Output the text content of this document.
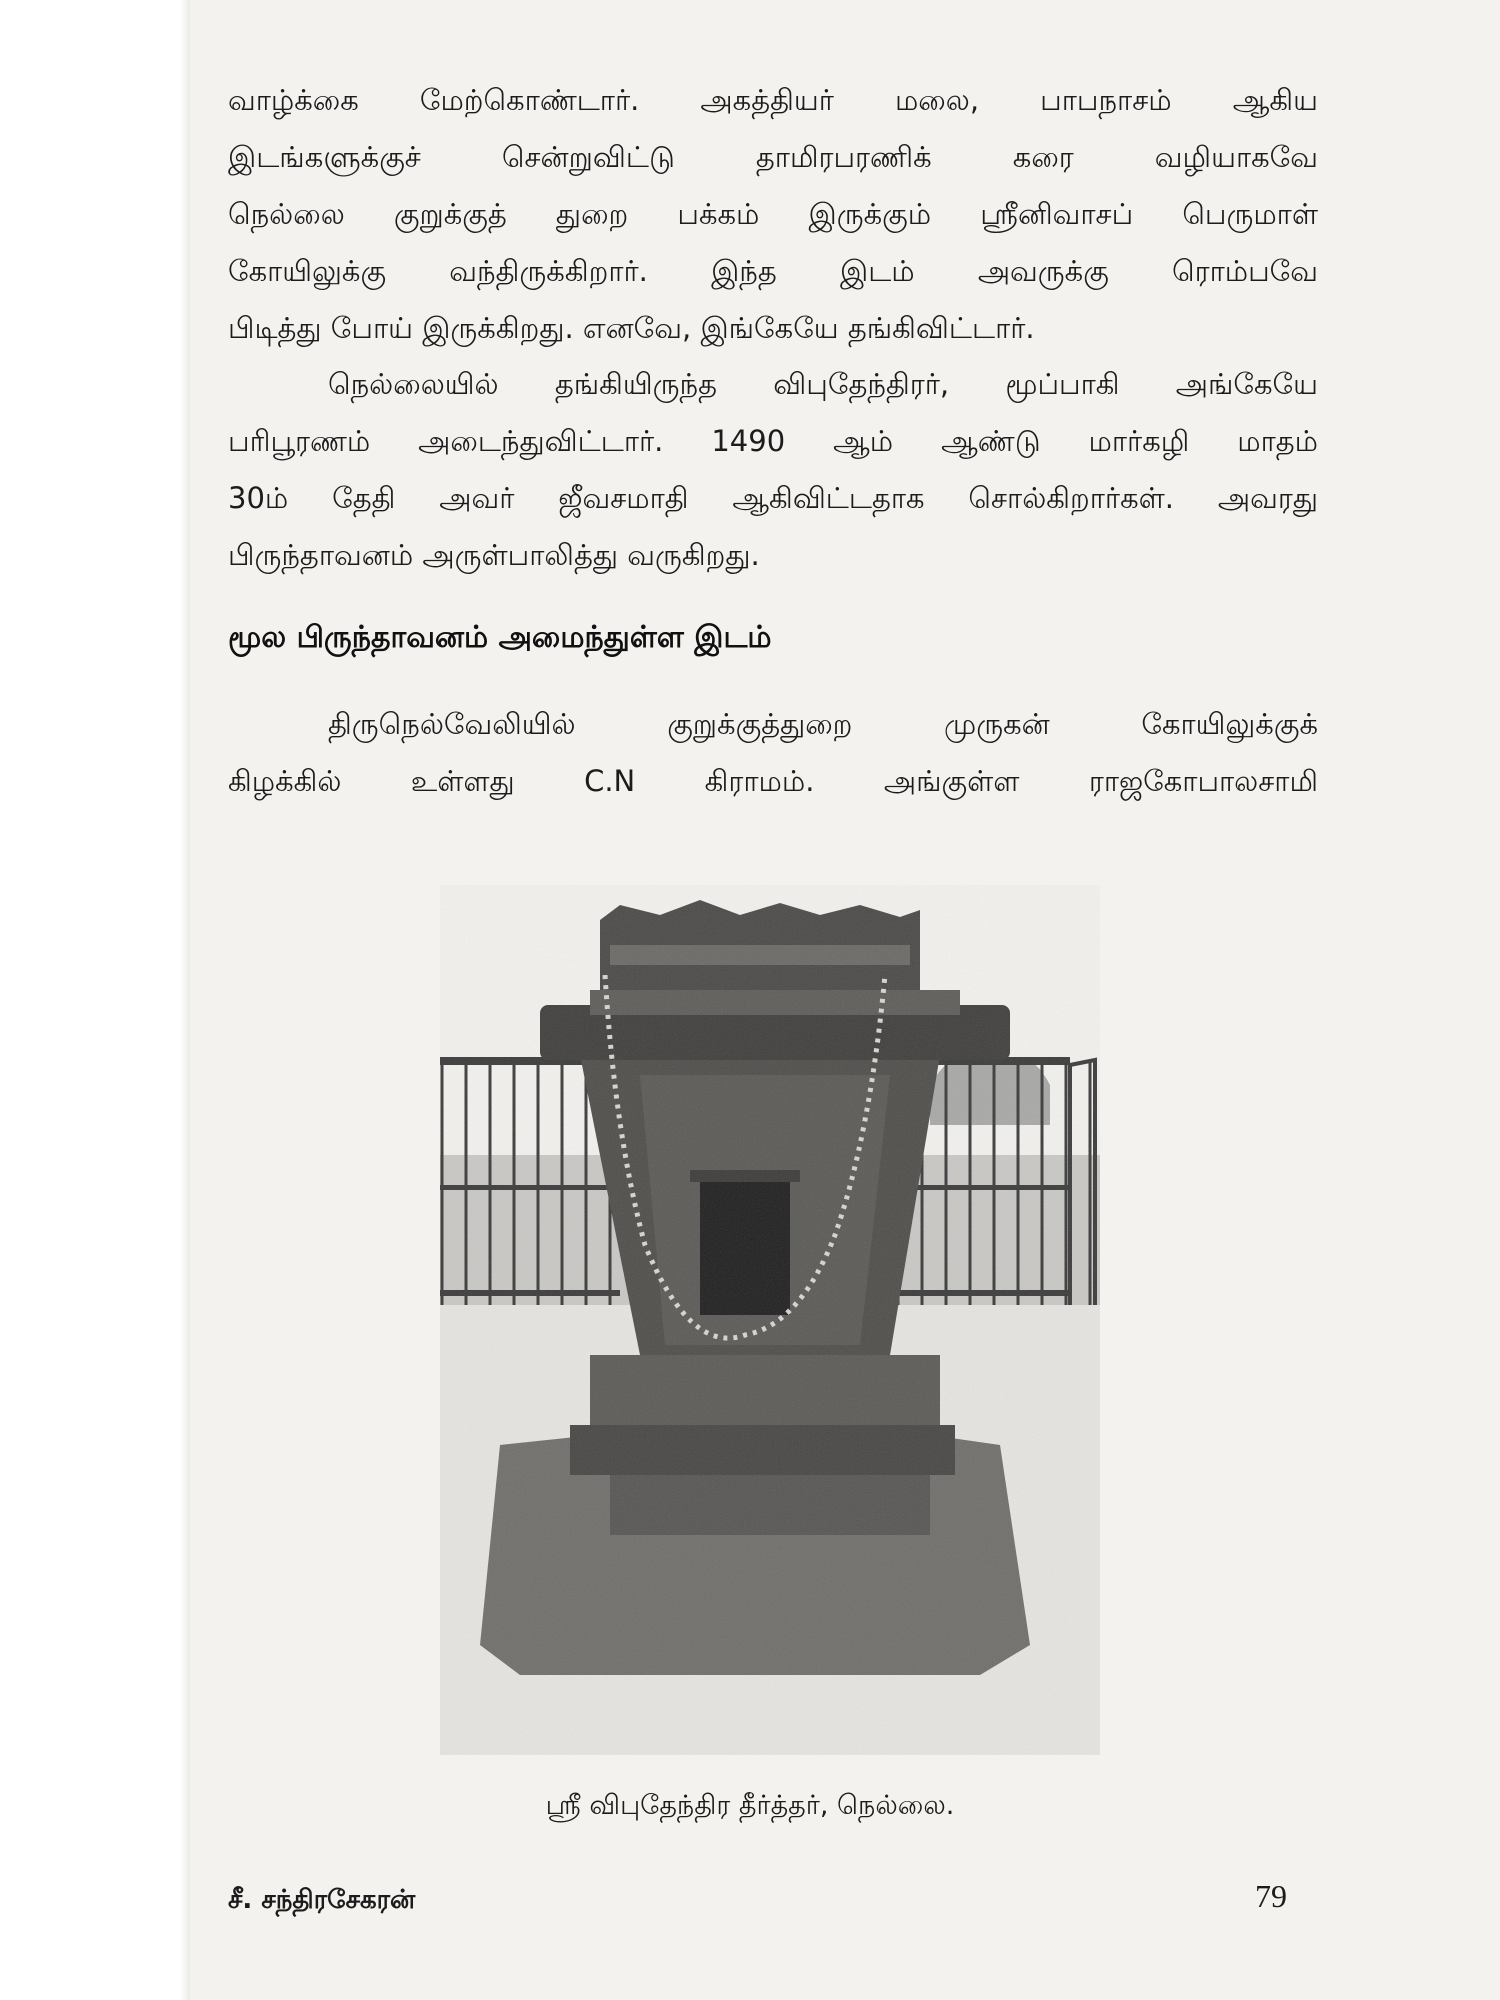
வாழ்க்கை மேற்கொண்டார். அகத்தியர் மலை, பாபநாசம் ஆகிய
இடங்களுக்குச் சென்றுவிட்டு தாமிரபரணிக் கரை வழியாகவே
நெல்லை குறுக்குத் துறை பக்கம் இருக்கும் ஸ்ரீனிவாசப் பெருமாள்
கோயிலுக்கு வந்திருக்கிறார். இந்த இடம் அவருக்கு ரொம்பவே
பிடித்து போய் இருக்கிறது. எனவே, இங்கேயே தங்கிவிட்டார்.
நெல்லையில் தங்கியிருந்த விபுதேந்திரர், மூப்பாகி அங்கேயே
பரிபூரணம் அடைந்துவிட்டார். 1490 ஆம் ஆண்டு மார்கழி மாதம்
30ம் தேதி அவர் ஜீவசமாதி ஆகிவிட்டதாக சொல்கிறார்கள். அவரது
பிருந்தாவனம் அருள்பாலித்து வருகிறது.
மூல பிருந்தாவனம் அமைந்துள்ள இடம்
திருநெல்வேலியில் குறுக்குத்துறை முருகன் கோயிலுக்குக்
கிழக்கில் உள்ளது C.N கிராமம். அங்குள்ள ராஜகோபாலசாமி
ஸ்ரீ விபுதேந்திர தீர்த்தர், நெல்லை.
சீ. சந்திரசேகரன்	79
